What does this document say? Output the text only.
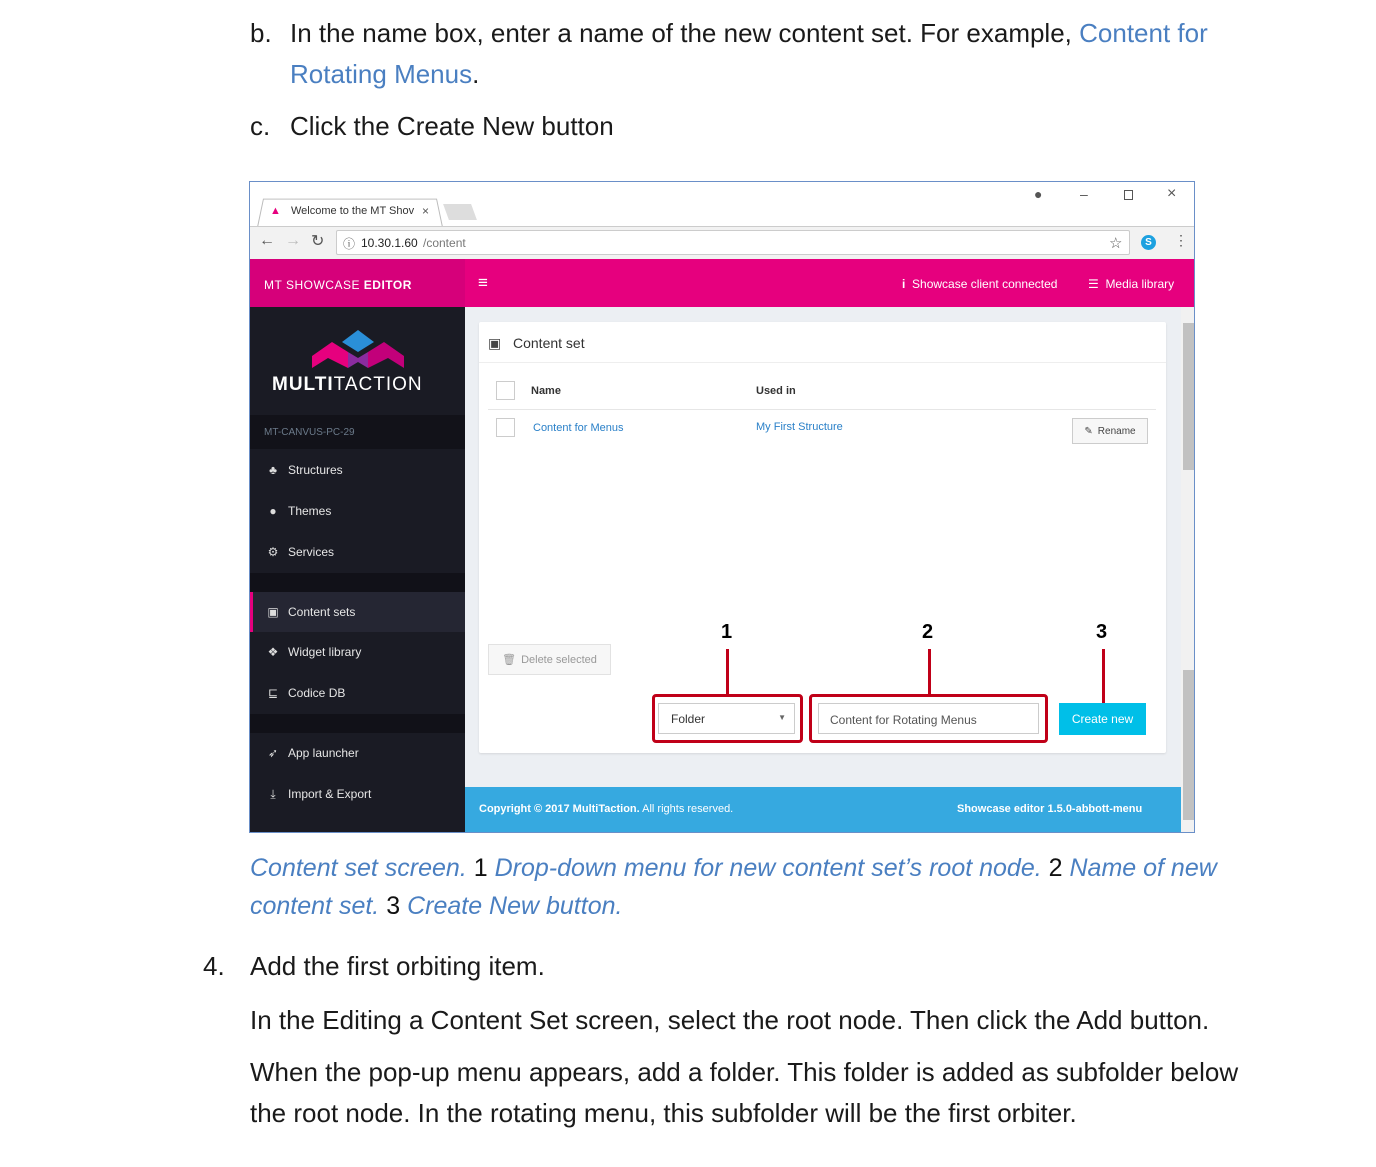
b. In the name box, enter a name of the new content set. For example, Content for
Rotating Menus.
c. Click the Create New button
▲ Welcome to the MT Shov ×
●	–	×
← → ↻ ⓘ 10.30.1.60 /content	☆	S ⋮
MT SHOWCASE EDITOR	≡	i Showcase client connected	☰ Media library
MULTITACTION
MT-CANVUS-PC-29
♣ Structures
● Themes
⚙ Services
▣ Content sets
❖ Widget library
⊑ Codice DB
➶ App launcher
⤓	Import & Export
▣ Content set
Name	Used in
Content for Menus	My First Structure	✎ Rename
🗑 Delete selected
Folder	▼	Content for Rotating Menus	Create new
1	2	3
Copyright © 2017 MultiTaction. All rights reserved.	Showcase editor 1.5.0-abbott-menu
Content set screen. 1 Drop-down menu for new content set’s root node. 2 Name of new
content set. 3 Create New button.
4. Add the first orbiting item.
In the Editing a Content Set screen, select the root node. Then click the Add button.
When the pop-up menu appears, add a folder. This folder is added as subfolder below
the root node. In the rotating menu, this subfolder will be the first orbiter.
